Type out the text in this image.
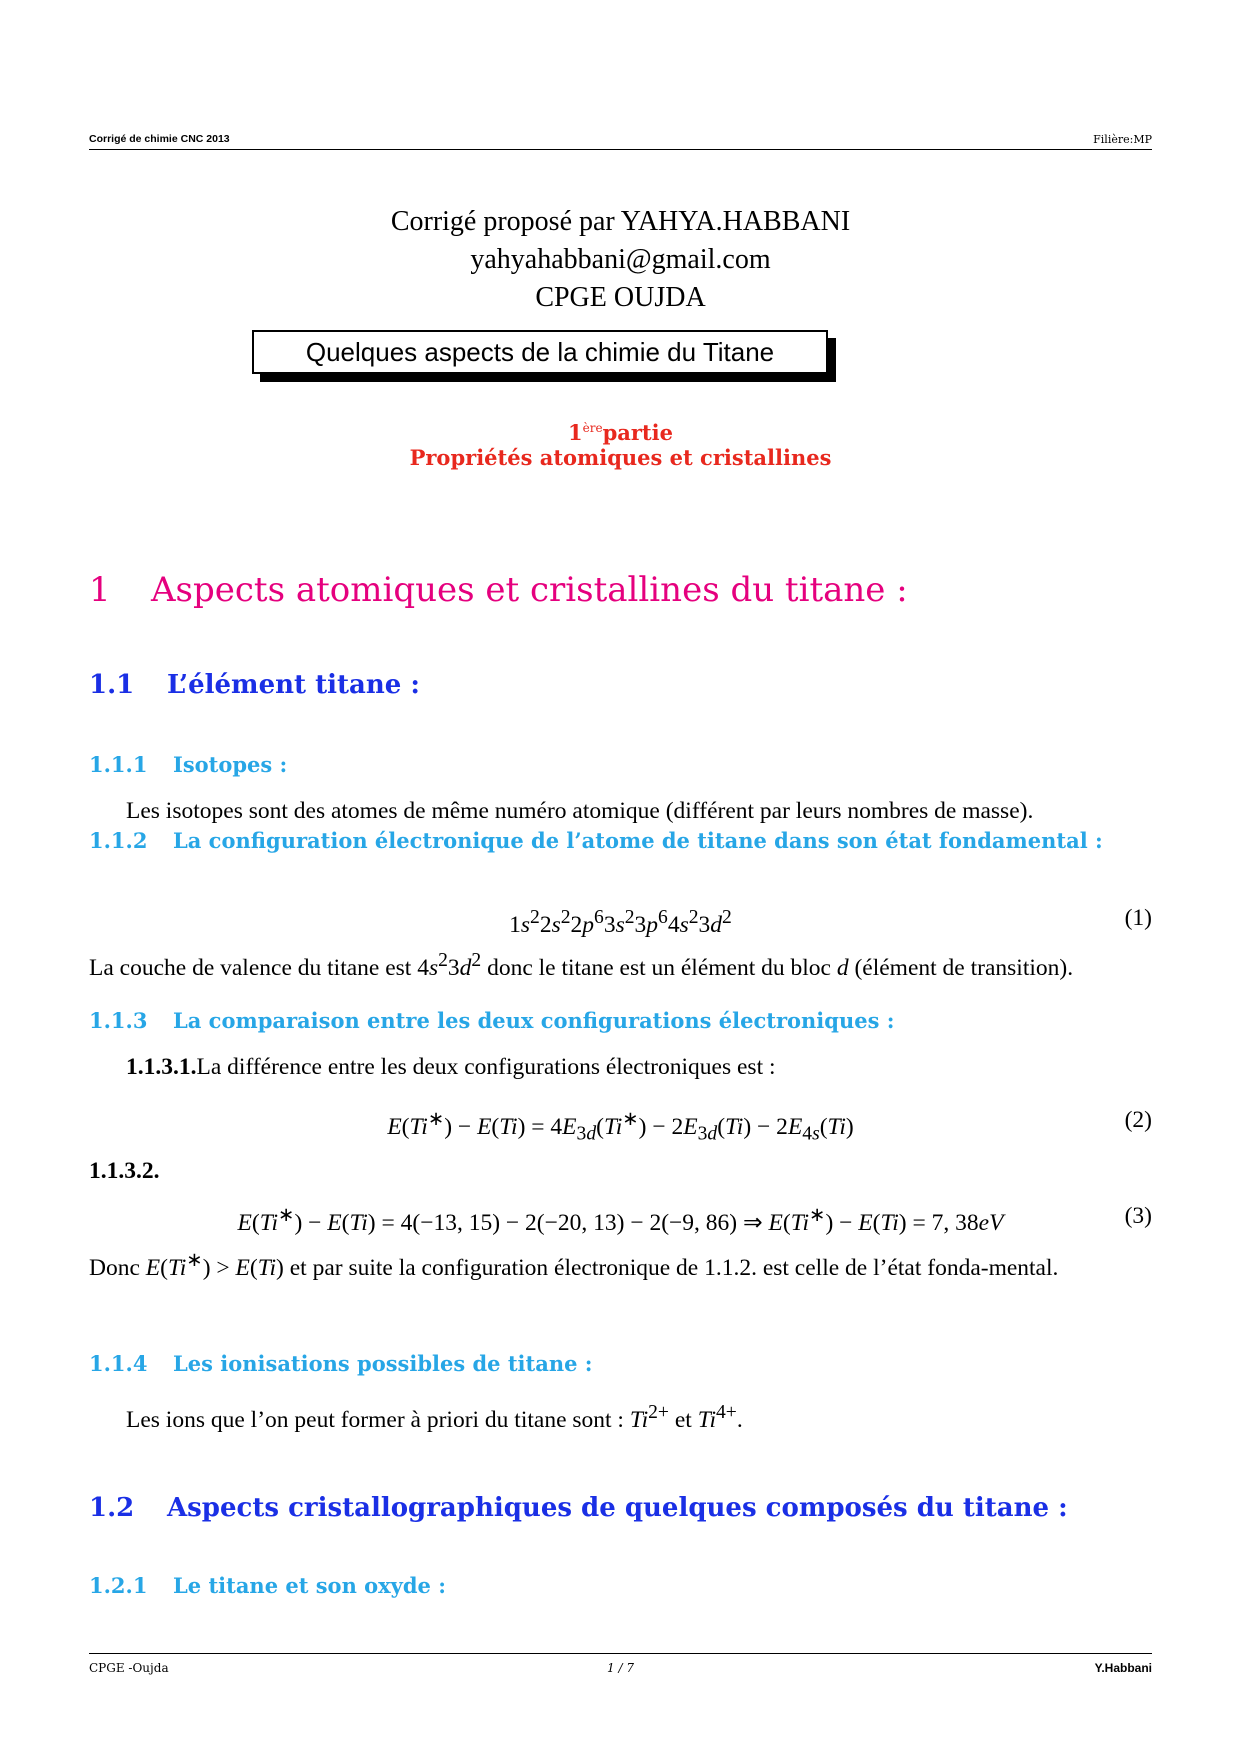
Corrigé de chimie CNC 2013	Filière:MP
Corrigé proposé par YAHYA.HABBANI
yahyahabbani@gmail.com
CPGE OUJDA
Quelques aspects de la chimie du Titane
1èrepartie
Propriétés atomiques et cristallines
1 Aspects atomiques et cristallines du titane :
1.1 L’élément titane :
1.1.1 Isotopes :
Les isotopes sont des atomes de même numéro atomique (différent par leurs nombres de masse).
1.1.2 La configuration électronique de l’atome de titane dans son état fondamental :
$1s^22s^22p^63s^23p^64s^23d^2$	(1)
La couche de valence du titane est $4s^23d^2$ donc le titane est un élément du bloc d (élément de transition).
1.1.3 La comparaison entre les deux configurations électroniques :
1.1.3.1.La différence entre les deux configurations électroniques est :
$E(Ti^∗) - E(Ti) = 4E_{3d}(Ti^∗) - 2E_{3d}(Ti) - 2E_{4s}(Ti)$	(2)
1.1.3.2.
E(Ti∗) − E(Ti) = 4(−13, 15) − 2(−20, 13) − 2(−9, 86) ⇒ E(Ti∗) − E(Ti) = 7, 38eV	(3)
Donc E(Ti∗) > E(Ti) et par suite la configuration électronique de 1.1.2. est celle de l’état fonda-mental.
1.1.4 Les ionisations possibles de titane :
Les ions que l’on peut former à priori du titane sont : $Ti^{2+}$ et $Ti^{4+}$.
1.2 Aspects cristallographiques de quelques composés du titane :
1.2.1 Le titane et son oxyde :
CPGE -Oujda	1 / 7	Y.Habbani
